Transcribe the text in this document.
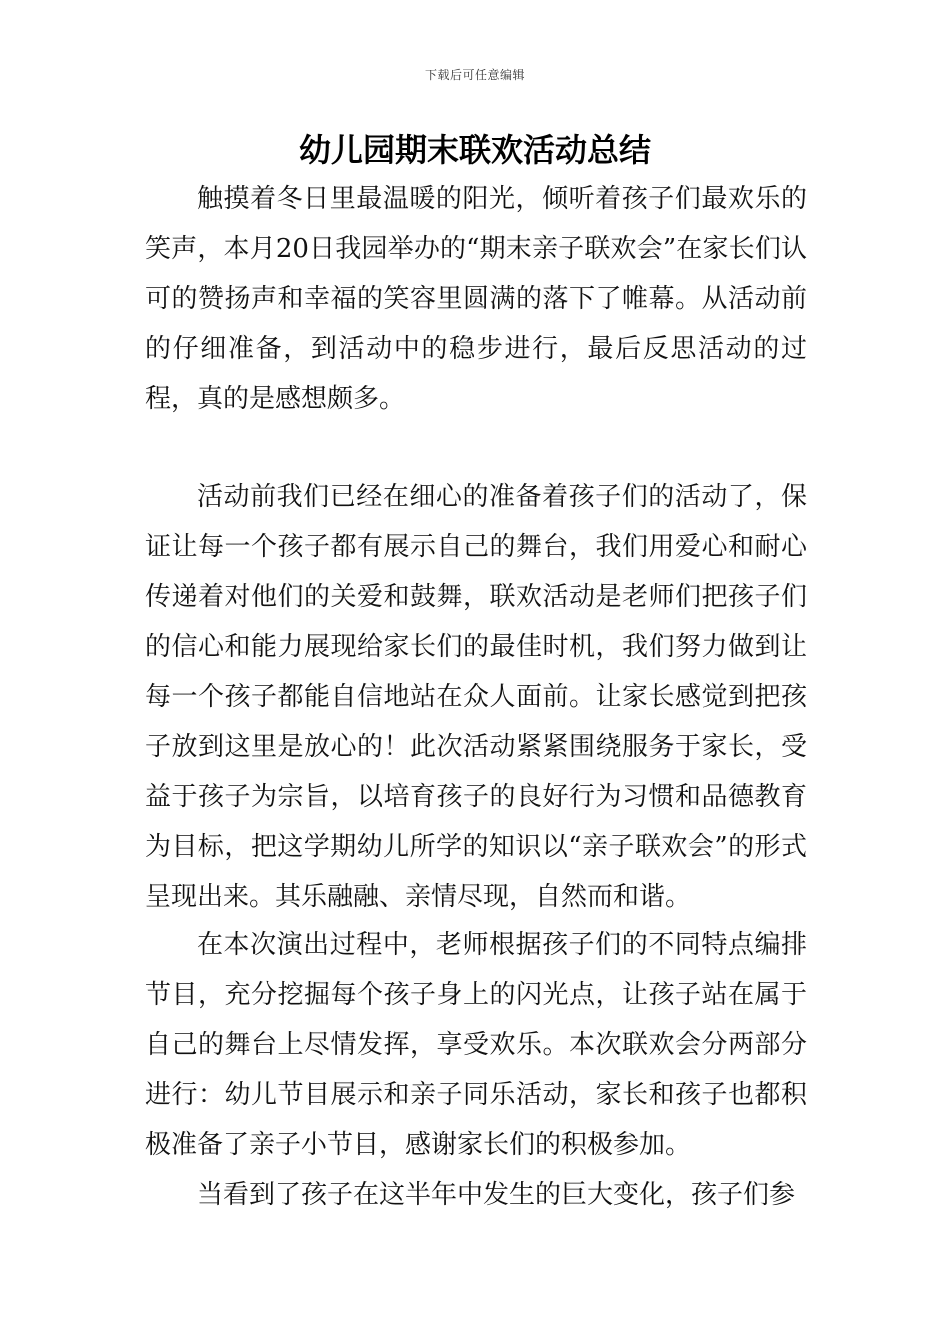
下载后可任意编辑
幼儿园期末联欢活动总结

触摸着冬日里最温暖的阳光，倾听着孩子们最欢乐的笑声，本月20日我园举办的“期末亲子联欢会”在家长们认可的赞扬声和幸福的笑容里圆满的落下了帷幕。从活动前的仔细准备，到活动中的稳步进行，最后反思活动的过程，真的是感想颇多。

活动前我们已经在细心的准备着孩子们的活动了，保证让每一个孩子都有展示自己的舞台，我们用爱心和耐心传递着对他们的关爱和鼓舞，联欢活动是老师们把孩子们的信心和能力展现给家长们的最佳时机，我们努力做到让每一个孩子都能自信地站在众人面前。让家长感觉到把孩子放到这里是放心的！此次活动紧紧围绕服务于家长，受益于孩子为宗旨，以培育孩子的良好行为习惯和品德教育为目标，把这学期幼儿所学的知识以“亲子联欢会”的形式呈现出来。其乐融融、亲情尽现，自然而和谐。

在本次演出过程中，老师根据孩子们的不同特点编排节目，充分挖掘每个孩子身上的闪光点，让孩子站在属于自己的舞台上尽情发挥，享受欢乐。本次联欢会分两部分进行：幼儿节目展示和亲子同乐活动，家长和孩子也都积极准备了亲子小节目，感谢家长们的积极参加。

当看到了孩子在这半年中发生的巨大变化，孩子们参
